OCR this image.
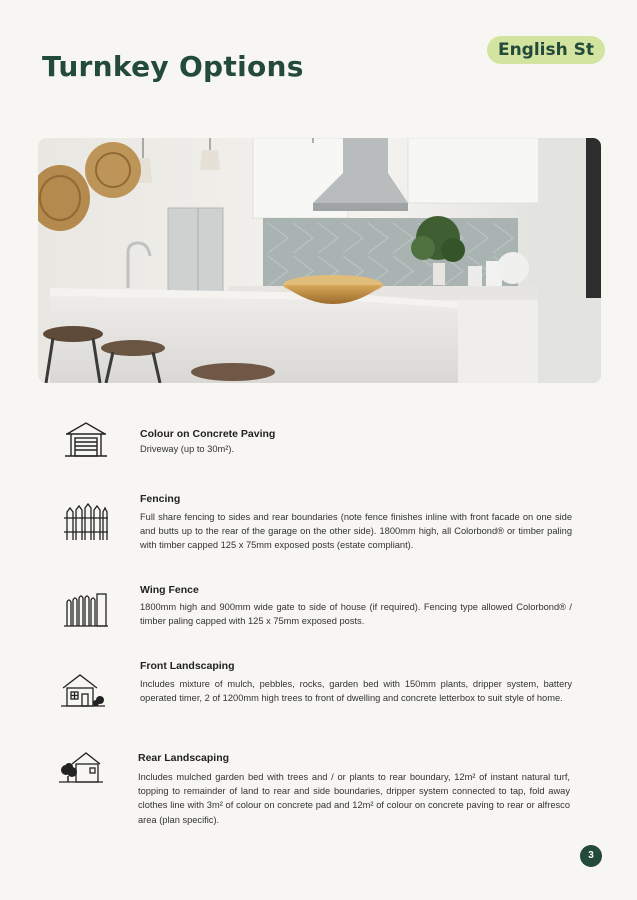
Turnkey Options	English St

Colour on Concrete Paving

Driveway (up to 30m²).

Fencing

Full share fencing to sides and rear boundaries (note fence finishes inline with front facade on one side and butts up to the rear of the garage on the other side). 1800mm high, all Colorbond® or timber paling with timber capped 125 x 75mm exposed posts (estate compliant).

Wing Fence

1800mm high and 900mm wide gate to side of house (if required). Fencing type allowed Colorbond® / timber paling capped with 125 x 75mm exposed posts.

Front Landscaping

Includes mixture of mulch, pebbles, rocks, garden bed with 150mm plants, dripper system, battery operated timer, 2 of 1200mm high trees to front of dwelling and concrete letterbox to suit style of home.

Rear Landscaping

Includes mulched garden bed with trees and / or plants to rear boundary, 12m² of instant natural turf, topping to remainder of land to rear and side boundaries, dripper system connected to tap, fold away clothes line with 3m² of colour on concrete pad and 12m² of colour on concrete paving to rear or alfresco area (plan specific).

3
